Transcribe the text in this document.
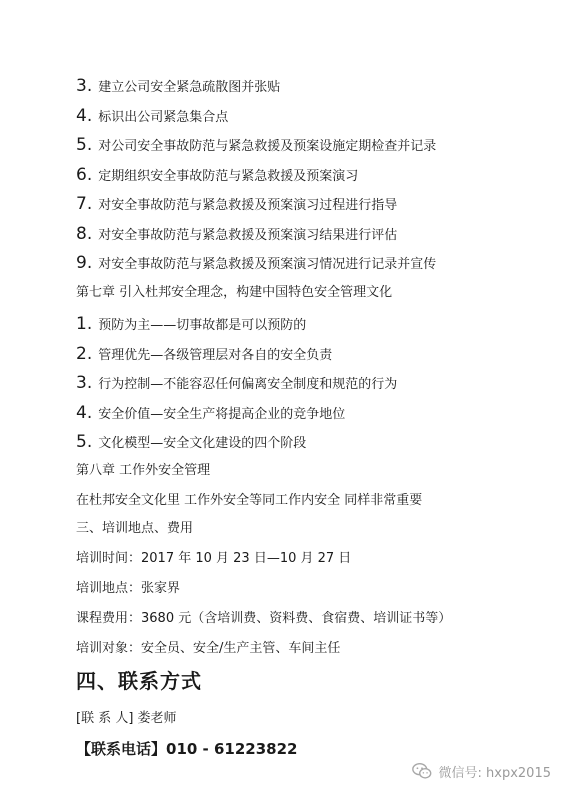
3. 建立公司安全紧急疏散图并张贴
4. 标识出公司紧急集合点
5. 对公司安全事故防范与紧急救援及预案设施定期检查并记录
6. 定期组织安全事故防范与紧急救援及预案演习
7. 对安全事故防范与紧急救援及预案演习过程进行指导
8. 对安全事故防范与紧急救援及预案演习结果进行评估
9. 对安全事故防范与紧急救援及预案演习情况进行记录并宣传
第七章 引入杜邦安全理念，构建中国特色安全管理文化
1. 预防为主——切事故都是可以预防的
2. 管理优先—各级管理层对各自的安全负责
3. 行为控制—不能容忍任何偏离安全制度和规范的行为
4. 安全价值—安全生产将提高企业的竞争地位
5. 文化模型—安全文化建设的四个阶段
第八章 工作外安全管理
在杜邦安全文化里 工作外安全等同工作内安全 同样非常重要
三、培训地点、费用
培训时间：2017 年 10 月 23 日—10 月 27 日
培训地点：张家界
课程费用：3680 元（含培训费、资料费、食宿费、培训证书等）
培训对象：安全员、安全/生产主管、车间主任
四、联系方式
[联 系 人] 娄老师
【联系电话】010 - 61223822
微信号: hxpx2015
